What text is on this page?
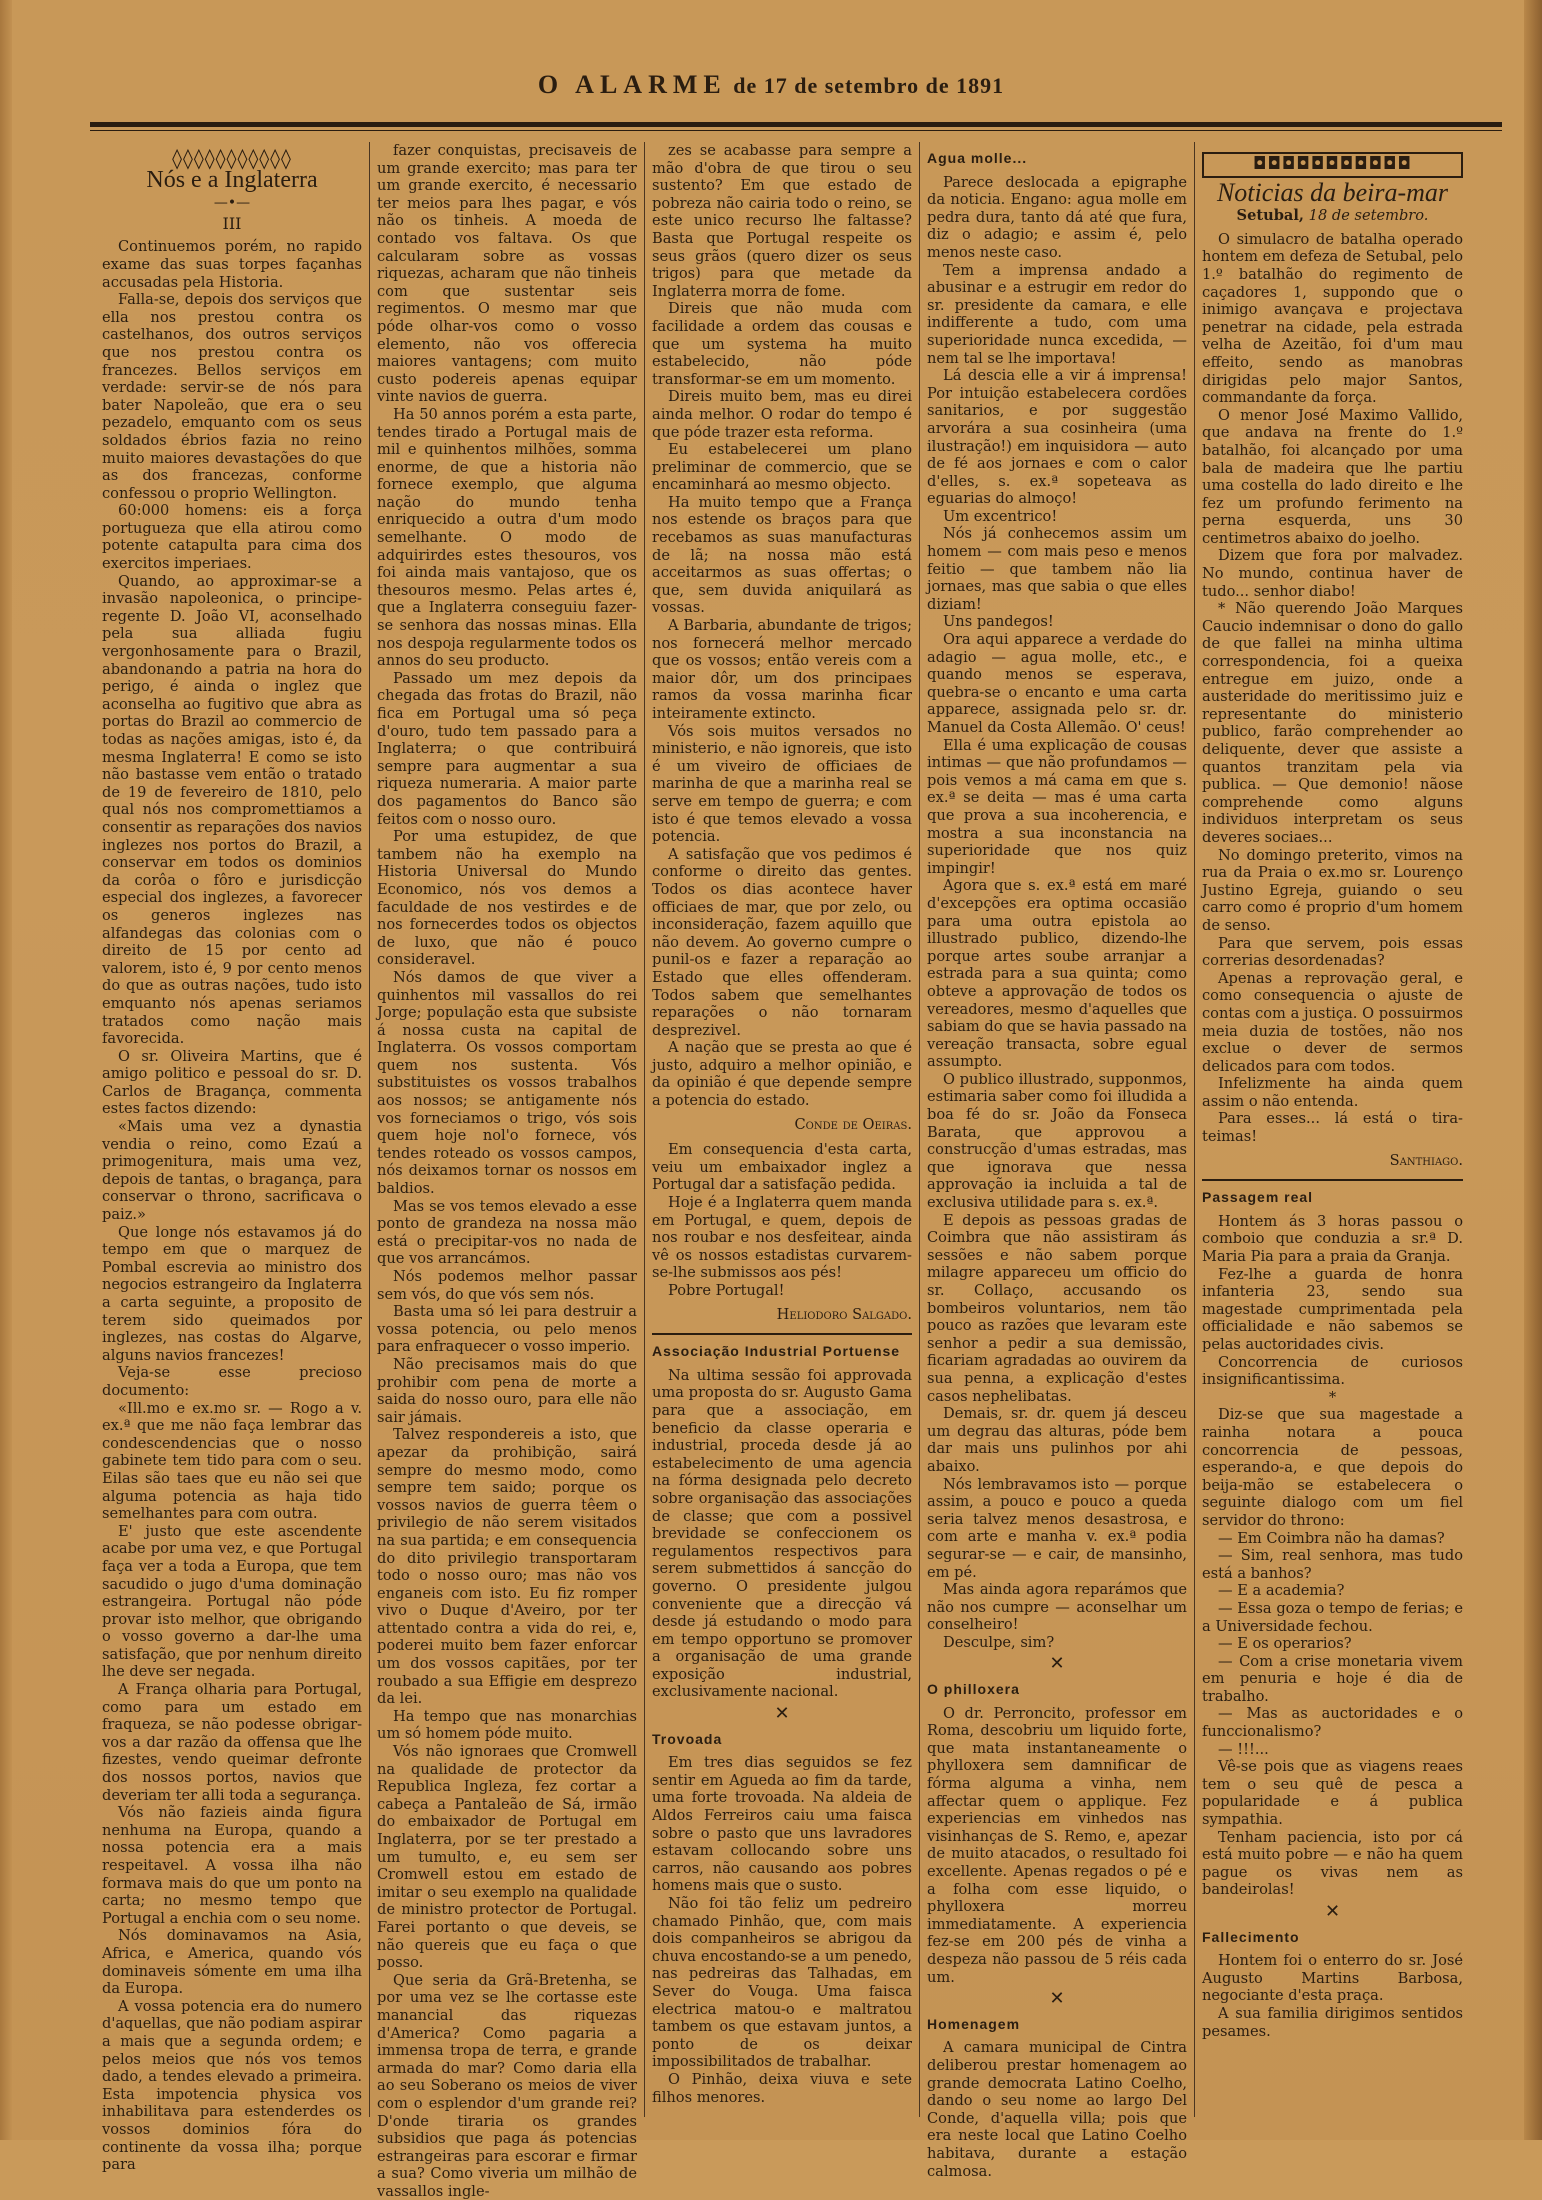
O ALARME de 17 de setembro de 1891
◊◊◊◊◊◊◊◊◊◊◊
Nós e a Inglaterra
—•—
III

Continuemos porém, no rapido exame das suas torpes façanhas accusadas pela Historia.

Falla-se, depois dos serviços que ella nos prestou contra os castelhanos, dos outros serviços que nos prestou contra os francezes. Bellos serviços em verdade: servir-se de nós para bater Napoleão, que era o seu pezadelo, emquanto com os seus soldados ébrios fazia no reino muito maiores devastações do que as dos francezas, conforme confessou o proprio Wellington.

60:000 homens: eis a força portugueza que ella atirou como potente catapulta para cima dos exercitos imperiaes.

Quando, ao approximar-se a invasão napoleonica, o principe-regente D. João VI, aconselhado pela sua alliada fugiu vergonhosamente para o Brazil, abandonando a patria na hora do perigo, é ainda o inglez que aconselha ao fugitivo que abra as portas do Brazil ao commercio de todas as nações amigas, isto é, da mesma Inglaterra! E como se isto não bastasse vem então o tratado de 19 de fevereiro de 1810, pelo qual nós nos compromettiamos a consentir as reparações dos navios inglezes nos portos do Brazil, a conservar em todos os dominios da corôa o fôro e jurisdicção especial dos inglezes, a favorecer os generos inglezes nas alfandegas das colonias com o direito de 15 por cento ad valorem, isto é, 9 por cento menos do que as outras nações, tudo isto emquanto nós apenas seriamos tratados como nação mais favorecida.

O sr. Oliveira Martins, que é amigo politico e pessoal do sr. D. Carlos de Bragança, commenta estes factos dizendo:

«Mais uma vez a dynastia vendia o reino, como Ezaú a primogenitura, mais uma vez, depois de tantas, o bragança, para conservar o throno, sacrificava o paiz.»

Que longe nós estavamos já do tempo em que o marquez de Pombal escrevia ao ministro dos negocios estrangeiro da Inglaterra a carta seguinte, a proposito de terem sido queimados por inglezes, nas costas do Algarve, alguns navios francezes!

Veja-se esse precioso documento:

«Ill.mo e ex.mo sr. — Rogo a v. ex.ª que me não faça lembrar das condescendencias que o nosso gabinete tem tido para com o seu. Eilas são taes que eu não sei que alguma potencia as haja tido semelhantes para com outra.

E' justo que este ascendente acabe por uma vez, e que Portugal faça ver a toda a Europa, que tem sacudido o jugo d'uma dominação estrangeira. Portugal não póde provar isto melhor, que obrigando o vosso governo a dar-lhe uma satisfação, que por nenhum direito lhe deve ser negada.

A França olharia para Portugal, como para um estado em fraqueza, se não podesse obrigar-vos a dar razão da offensa que lhe fizestes, vendo queimar defronte dos nossos portos, navios que deveriam ter alli toda a segurança.

Vós não fazieis ainda figura nenhuma na Europa, quando a nossa potencia era a mais respeitavel. A vossa ilha não formava mais do que um ponto na carta; no mesmo tempo que Portugal a enchia com o seu nome.

Nós dominavamos na Asia, Africa, e America, quando vós dominaveis sómente em uma ilha da Europa.

A vossa potencia era do numero d'aquellas, que não podiam aspirar a mais que a segunda ordem; e pelos meios que nós vos temos dado, a tendes elevado a primeira. Esta impotencia physica vos inhabilitava para estenderdes os vossos dominios fóra do continente da vossa ilha; porque para

fazer conquistas, precisaveis de um grande exercito; mas para ter um grande exercito, é necessario ter meios para lhes pagar, e vós não os tinheis. A moeda de contado vos faltava. Os que calcularam sobre as vossas riquezas, acharam que não tinheis com que sustentar seis regimentos. O mesmo mar que póde olhar-vos como o vosso elemento, não vos offerecia maiores vantagens; com muito custo podereis apenas equipar vinte navios de guerra.

Ha 50 annos porém a esta parte, tendes tirado a Portugal mais de mil e quinhentos milhões, somma enorme, de que a historia não fornece exemplo, que alguma nação do mundo tenha enriquecido a outra d'um modo semelhante. O modo de adquirirdes estes thesouros, vos foi ainda mais vantajoso, que os thesouros mesmo. Pelas artes é, que a Inglaterra conseguiu fazer-se senhora das nossas minas. Ella nos despoja regularmente todos os annos do seu producto.

Passado um mez depois da chegada das frotas do Brazil, não fica em Portugal uma só peça d'ouro, tudo tem passado para a Inglaterra; o que contribuirá sempre para augmentar a sua riqueza numeraria. A maior parte dos pagamentos do Banco são feitos com o nosso ouro.

Por uma estupidez, de que tambem não ha exemplo na Historia Universal do Mundo Economico, nós vos demos a faculdade de nos vestirdes e de nos fornecerdes todos os objectos de luxo, que não é pouco consideravel.

Nós damos de que viver a quinhentos mil vassallos do rei Jorge; população esta que subsiste á nossa custa na capital de Inglaterra. Os vossos comportam quem nos sustenta. Vós substituistes os vossos trabalhos aos nossos; se antigamente nós vos forneciamos o trigo, vós sois quem hoje nol'o fornece, vós tendes roteado os vossos campos, nós deixamos tornar os nossos em baldios.

Mas se vos temos elevado a esse ponto de grandeza na nossa mão está o precipitar-vos no nada de que vos arrancámos.

Nós podemos melhor passar sem vós, do que vós sem nós.

Basta uma só lei para destruir a vossa potencia, ou pelo menos para enfraquecer o vosso imperio.

Não precisamos mais do que prohibir com pena de morte a saida do nosso ouro, para elle não sair jámais.

Talvez respondereis a isto, que apezar da prohibição, sairá sempre do mesmo modo, como sempre tem saido; porque os vossos navios de guerra têem o privilegio de não serem visitados na sua partida; e em consequencia do dito privilegio transportaram todo o nosso ouro; mas não vos enganeis com isto. Eu fiz romper vivo o Duque d'Aveiro, por ter attentado contra a vida do rei, e, poderei muito bem fazer enforcar um dos vossos capitães, por ter roubado a sua Effigie em desprezo da lei.

Ha tempo que nas monarchias um só homem póde muito.

Vós não ignoraes que Cromwell na qualidade de protector da Republica Ingleza, fez cortar a cabeça a Pantaleão de Sá, irmão do embaixador de Portugal em Inglaterra, por se ter prestado a um tumulto, e, eu sem ser Cromwell estou em estado de imitar o seu exemplo na qualidade de ministro protector de Portugal. Farei portanto o que deveis, se não quereis que eu faça o que posso.

Que seria da Grã-Bretenha, se por uma vez se lhe cortasse este manancial das riquezas d'America? Como pagaria a immensa tropa de terra, e grande armada do mar? Como daria ella ao seu Soberano os meios de viver com o esplendor d'um grande rei? D'onde tiraria os grandes subsidios que paga ás potencias estrangeiras para escorar e firmar a sua? Como viveria um milhão de vassallos ingle-

zes se acabasse para sempre a mão d'obra de que tirou o seu sustento? Em que estado de pobreza não cairia todo o reino, se este unico recurso lhe faltasse? Basta que Portugal respeite os seus grãos (quero dizer os seus trigos) para que metade da Inglaterra morra de fome.

Direis que não muda com facilidade a ordem das cousas e que um systema ha muito estabelecido, não póde transformar-se em um momento.

Direis muito bem, mas eu direi ainda melhor. O rodar do tempo é que póde trazer esta reforma.

Eu estabelecerei um plano preliminar de commercio, que se encaminhará ao mesmo objecto.

Ha muito tempo que a França nos estende os braços para que recebamos as suas manufacturas de lã; na nossa mão está acceitarmos as suas offertas; o que, sem duvida aniquilará as vossas.

A Barbaria, abundante de trigos; nos fornecerá melhor mercado que os vossos; então vereis com a maior dôr, um dos principaes ramos da vossa marinha ficar inteiramente extincto.

Vós sois muitos versados no ministerio, e não ignoreis, que isto é um viveiro de officiaes de marinha de que a marinha real se serve em tempo de guerra; e com isto é que temos elevado a vossa potencia.

A satisfação que vos pedimos é conforme o direito das gentes. Todos os dias acontece haver officiaes de mar, que por zelo, ou inconsideração, fazem aquillo que não devem. Ao governo cumpre o punil-os e fazer a reparação ao Estado que elles offenderam. Todos sabem que semelhantes reparações o não tornaram desprezivel.

A nação que se presta ao que é justo, adquiro a melhor opinião, e da opinião é que depende sempre a potencia do estado.

Conde de Oeiras.

Em consequencia d'esta carta, veiu um embaixador inglez a Portugal dar a satisfação pedida.

Hoje é a Inglaterra quem manda em Portugal, e quem, depois de nos roubar e nos desfeitear, ainda vê os nossos estadistas curvarem-se-lhe submissos aos pés!

Pobre Portugal!

Heliodoro Salgado.
Associação Industrial Portuense

Na ultima sessão foi approvada uma proposta do sr. Augusto Gama para que a associação, em beneficio da classe operaria e industrial, proceda desde já ao estabelecimento de uma agencia na fórma designada pelo decreto sobre organisação das associações de classe; que com a possivel brevidade se confeccionem os regulamentos respectivos para serem submettidos á sancção do governo. O presidente julgou conveniente que a direcção vá desde já estudando o modo para em tempo opportuno se promover a organisação de uma grande exposição industrial, exclusivamente nacional.

✕
Trovoada

Em tres dias seguidos se fez sentir em Agueda ao fim da tarde, uma forte trovoada. Na aldeia de Aldos Ferreiros caiu uma faisca sobre o pasto que uns lavradores estavam collocando sobre uns carros, não causando aos pobres homens mais que o susto.

Não foi tão feliz um pedreiro chamado Pinhão, que, com mais dois companheiros se abrigou da chuva encostando-se a um penedo, nas pedreiras das Talhadas, em Sever do Vouga. Uma faisca electrica matou-o e maltratou tambem os que estavam juntos, a ponto de os deixar impossibilitados de trabalhar.

O Pinhão, deixa viuva e sete filhos menores.

Agua molle...

Parece deslocada a epigraphe da noticia. Engano: agua molle em pedra dura, tanto dá até que fura, diz o adagio; e assim é, pelo menos neste caso.

Tem a imprensa andado a abusinar e a estrugir em redor do sr. presidente da camara, e elle indifferente a tudo, com uma superioridade nunca excedida, — nem tal se lhe importava!

Lá descia elle a vir á imprensa! Por intuição estabelecera cordões sanitarios, e por suggestão arvorára a sua cosinheira (uma ilustração!) em inquisidora — auto de fé aos jornaes e com o calor d'elles, s. ex.ª sopeteava as eguarias do almoço!

Um excentrico!

Nós já conhecemos assim um homem — com mais peso e menos feitio — que tambem não lia jornaes, mas que sabia o que elles diziam!

Uns pandegos!

Ora aqui apparece a verdade do adagio — agua molle, etc., e quando menos se esperava, quebra-se o encanto e uma carta apparece, assignada pelo sr. dr. Manuel da Costa Allemão. O' ceus!

Ella é uma explicação de cousas intimas — que não profundamos — pois vemos a má cama em que s. ex.ª se deita — mas é uma carta que prova a sua incoherencia, e mostra a sua inconstancia na superioridade que nos quiz impingir!

Agora que s. ex.ª está em maré d'excepções era optima occasião para uma outra epistola ao illustrado publico, dizendo-lhe porque artes soube arranjar a estrada para a sua quinta; como obteve a approvação de todos os vereadores, mesmo d'aquelles que sabiam do que se havia passado na vereação transacta, sobre egual assumpto.

O publico illustrado, supponmos, estimaria saber como foi illudida a boa fé do sr. João da Fonseca Barata, que approvou a construcção d'umas estradas, mas que ignorava que nessa approvação ia incluida a tal de exclusiva utilidade para s. ex.ª.

E depois as pessoas gradas de Coimbra que não assistiram ás sessões e não sabem porque milagre appareceu um officio do sr. Collaço, accusando os bombeiros voluntarios, nem tão pouco as razões que levaram este senhor a pedir a sua demissão, ficariam agradadas ao ouvirem da sua penna, a explicação d'estes casos nephelibatas.

Demais, sr. dr. quem já desceu um degrau das alturas, póde bem dar mais uns pulinhos por ahi abaixo.

Nós lembravamos isto — porque assim, a pouco e pouco a queda seria talvez menos desastrosa, e com arte e manha v. ex.ª podia segurar-se — e cair, de mansinho, em pé.

Mas ainda agora reparámos que não nos cumpre — aconselhar um conselheiro!

Desculpe, sim?

✕
O philloxera

O dr. Perroncito, professor em Roma, descobriu um liquido forte, que mata instantaneamente o phylloxera sem damnificar de fórma alguma a vinha, nem affectar quem o applique. Fez experiencias em vinhedos nas visinhanças de S. Remo, e, apezar de muito atacados, o resultado foi excellente. Apenas regados o pé e a folha com esse liquido, o phylloxera morreu immediatamente. A experiencia fez-se em 200 pés de vinha a despeza não passou de 5 réis cada um.

✕
Homenagem

A camara municipal de Cintra deliberou prestar homenagem ao grande democrata Latino Coelho, dando o seu nome ao largo Del Conde, d'aquella villa; pois que era neste local que Latino Coelho habitava, durante a estação calmosa.

◘◘◘◘◘◘◘◘◘◘◘
Noticias da beira-mar
Setubal, 18 de setembro.

O simulacro de batalha operado hontem em defeza de Setubal, pelo 1.º batalhão do regimento de caçadores 1, suppondo que o inimigo avançava e projectava penetrar na cidade, pela estrada velha de Azeitão, foi d'um mau effeito, sendo as manobras dirigidas pelo major Santos, commandante da força.

O menor José Maximo Vallido, que andava na frente do 1.º batalhão, foi alcançado por uma bala de madeira que lhe partiu uma costella do lado direito e lhe fez um profundo ferimento na perna esquerda, uns 30 centimetros abaixo do joelho.

Dizem que fora por malvadez. No mundo, continua haver de tudo... senhor diabo!

* Não querendo João Marques Caucio indemnisar o dono do gallo de que fallei na minha ultima correspondencia, foi a queixa entregue em juizo, onde a austeridade do meritissimo juiz e representante do ministerio publico, farão comprehender ao deliquente, dever que assiste a quantos tranzitam pela via publica. — Que demonio! nãose comprehende como alguns individuos interpretam os seus deveres sociaes...

No domingo preterito, vimos na rua da Praia o ex.mo sr. Lourenço Justino Egreja, guiando o seu carro como é proprio d'um homem de senso.

Para que servem, pois essas correrias desordenadas?

Apenas a reprovação geral, e como consequencia o ajuste de contas com a justiça. O possuirmos meia duzia de tostões, não nos exclue o dever de sermos delicados para com todos.

Infelizmente ha ainda quem assim o não entenda.

Para esses... lá está o tira-teimas!

Santhiago.
Passagem real

Hontem ás 3 horas passou o comboio que conduzia a sr.ª D. Maria Pia para a praia da Granja.

Fez-lhe a guarda de honra infanteria 23, sendo sua magestade cumprimentada pela officialidade e não sabemos se pelas auctoridades civis.

Concorrencia de curiosos insignificantissima.

*

Diz-se que sua magestade a rainha notara a pouca concorrencia de pessoas, esperando-a, e que depois do beija-mão se estabelecera o seguinte dialogo com um fiel servidor do throno:

— Em Coimbra não ha damas?

— Sim, real senhora, mas tudo está a banhos?

— E a academia?

— Essa goza o tempo de ferias; e a Universidade fechou.

— E os operarios?

— Com a crise monetaria vivem em penuria e hoje é dia de trabalho.

— Mas as auctoridades e o funccionalismo?

— !!!...

Vê-se pois que as viagens reaes tem o seu quê de pesca a popularidade e á publica sympathia.

Tenham paciencia, isto por cá está muito pobre — e não ha quem pague os vivas nem as bandeirolas!

✕
Fallecimento

Hontem foi o enterro do sr. José Augusto Martins Barbosa, negociante d'esta praça.

A sua familia dirigimos sentidos pesames.
